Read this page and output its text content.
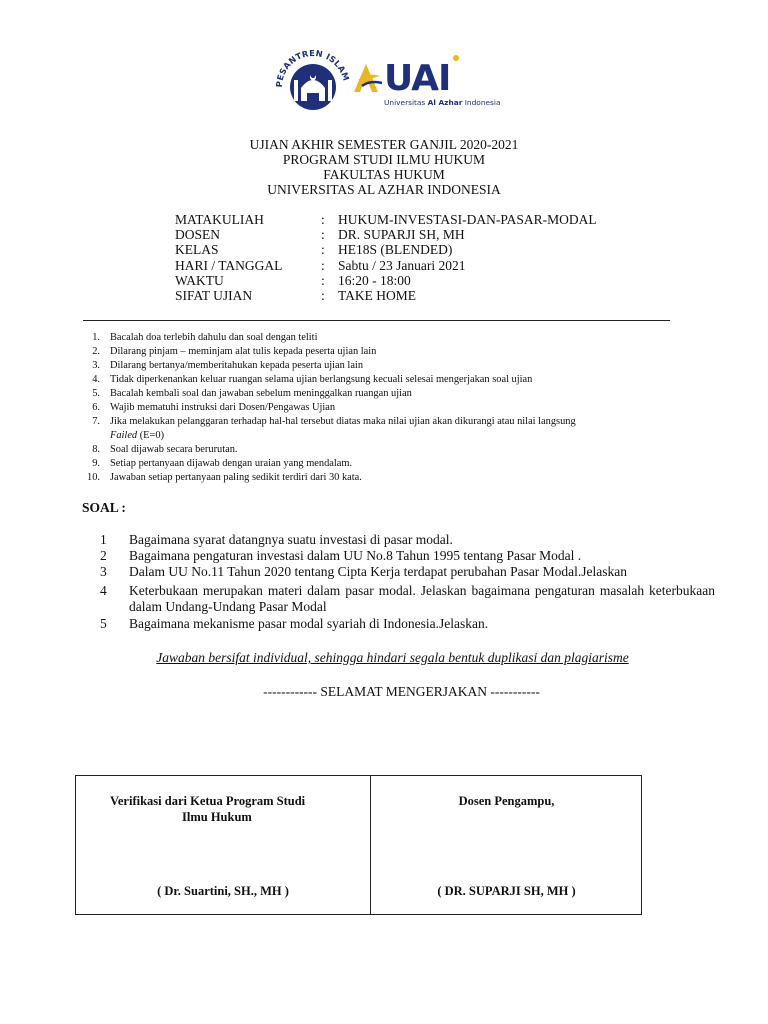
PESANTREN ISLAM UAI
Universitas Al Azhar Indonesia
UJIAN AKHIR SEMESTER GANJIL 2020-2021
PROGRAM STUDI ILMU HUKUM
FAKULTAS HUKUM
UNIVERSITAS AL AZHAR INDONESIA
MATAKULIAH	: HUKUM-INVESTASI-DAN-PASAR-MODAL
DOSEN	: DR. SUPARJI SH, MH
KELAS	: HE18S (BLENDED)
HARI / TANGGAL	: Sabtu / 23 Januari 2021
WAKTU	: 16:20 - 18:00
SIFAT UJIAN	: TAKE HOME
1. Bacalah doa terlebih dahulu dan soal dengan teliti
2. Dilarang pinjam – meminjam alat tulis kepada peserta ujian lain
3. Dilarang bertanya/memberitahukan kepada peserta ujian lain
4. Tidak diperkenankan keluar ruangan selama ujian berlangsung kecuali selesai mengerjakan soal ujian
5. Bacalah kembali soal dan jawaban sebelum meninggalkan ruangan ujian
6. Wajib mematuhi instruksi dari Dosen/Pengawas Ujian
7. Jika melakukan pelanggaran terhadap hal-hal tersebut diatas maka nilai ujian akan dikurangi atau nilai langsung
Failed (E=0)
8. Soal dijawab secara berurutan.
9. Setiap pertanyaan dijawab dengan uraian yang mendalam.
10. Jawaban setiap pertanyaan paling sedikit terdiri dari 30 kata.
SOAL :
1	Bagaimana syarat datangnya suatu investasi di pasar modal.
2	Bagaimana pengaturan investasi dalam UU No.8 Tahun 1995 tentang Pasar Modal .
3	Dalam UU No.11 Tahun 2020 tentang Cipta Kerja terdapat perubahan Pasar Modal.Jelaskan
4	Keterbukaan merupakan materi dalam pasar modal. Jelaskan bagaimana pengaturan masalah keterbukaan dalam Undang-Undang Pasar Modal
5	Bagaimana mekanisme pasar modal syariah di Indonesia.Jelaskan.
Jawaban bersifat individual, sehingga hindari segala bentuk duplikasi dan plagiarisme
------------ SELAMAT MENGERJAKAN -----------
Verifikasi dari Ketua Program Studi
Ilmu Hukum
( Dr. Suartini, SH., MH )
Dosen Pengampu,
( DR. SUPARJI SH, MH )
